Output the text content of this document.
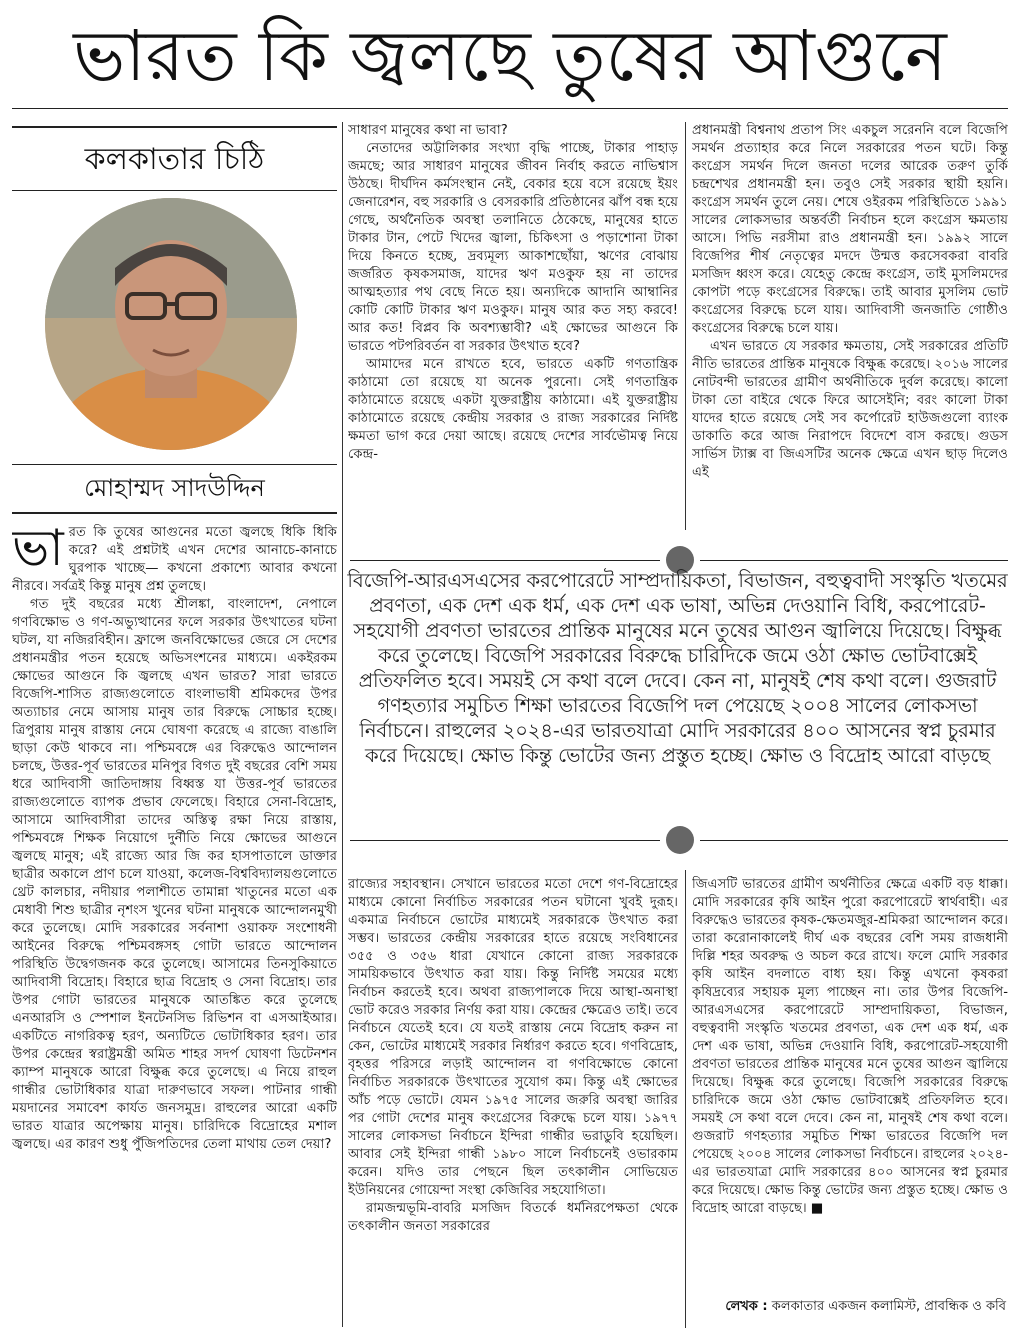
ভারত কি জ্বলছে তুষের আগুনে
কলকাতার চিঠি
মোহাম্মদ সাদউদ্দিন
ভা রত কি তুষের আগুনের মতো জ্বলছে ধিকি ধিকি করে? এই প্রশ্নটাই এখন দেশের আনাচে-কানাচে ঘুরপাক খাচ্ছে— কখনো প্রকাশ্যে আবার কখনো নীরবে। সর্বত্রই কিন্তু মানুষ প্রশ্ন তুলছে।

গত দুই বছরের মধ্যে শ্রীলঙ্কা, বাংলাদেশ, নেপালে গণবিক্ষোভ ও গণ-অভ্যুত্থানের ফলে সরকার উৎখাতের ঘটনা ঘটল, যা নজিরবিহীন। ফ্রান্সে জনবিক্ষোভের জেরে সে দেশের প্রধানমন্ত্রীর পতন হয়েছে অভিসংশনের মাধ্যমে। একইরকম ক্ষোভের আগুনে কি জ্বলছে এখন ভারত? সারা ভারতে বিজেপি-শাসিত রাজ্যগুলোতে বাংলাভাষী শ্রমিকদের উপর অত্যাচার নেমে আসায় মানুষ তার বিরুদ্ধে সোচ্চার হচ্ছে। ত্রিপুরায় মানুষ রাস্তায় নেমে ঘোষণা করেছে এ রাজ্যে বাঙালি ছাড়া কেউ থাকবে না। পশ্চিমবঙ্গে এর বিরুদ্ধেও আন্দোলন চলছে, উত্তর-পূর্ব ভারতের মনিপুর বিগত দুই বছরের বেশি সময় ধরে আদিবাসী জাতিদাঙ্গায় বিধ্বস্ত যা উত্তর-পূর্ব ভারতের রাজ্যগুলোতে ব্যাপক প্রভাব ফেলেছে। বিহারে সেনা-বিদ্রোহ, আসামে আদিবাসীরা তাদের অস্তিত্ব রক্ষা নিয়ে রাস্তায়, পশ্চিমবঙ্গে শিক্ষক নিয়োগে দুর্নীতি নিয়ে ক্ষোভের আগুনে জ্বলছে মানুষ; এই রাজ্যে আর জি কর হাসপাতালে ডাক্তার ছাত্রীর অকালে প্রাণ চলে যাওয়া, কলেজ-বিশ্ববিদ্যালয়গুলোতে থ্রেট কালচার, নদীয়ার পলাশীতে তামান্না খাতুনের মতো এক মেধাবী শিশু ছাত্রীর নৃশংস খুনের ঘটনা মানুষকে আন্দোলনমুখী করে তুলেছে। মোদি সরকারের সর্বনাশা ওয়াকফ সংশোধনী আইনের বিরুদ্ধে পশ্চিমবঙ্গসহ গোটা ভারতে আন্দোলন পরিস্থিতি উদ্বেগজনক করে তুলেছে। আসামের তিনসুকিয়াতে আদিবাসী বিদ্রোহ। বিহারে ছাত্র বিদ্রোহ ও সেনা বিদ্রোহ। তার উপর গোটা ভারতের মানুষকে আতঙ্কিত করে তুলেছে এনআরসি ও স্পেশাল ইনটেনসিভ রিভিশন বা এসআইআর। একটিতে নাগরিকত্ব হরণ, অন্যটিতে ভোটাধিকার হরণ। তার উপর কেন্দ্রের স্বরাষ্ট্রমন্ত্রী অমিত শাহর সদর্প ঘোষণা ডিটেনশন ক্যাম্প মানুষকে আরো বিক্ষুব্ধ করে তুলেছে। এ নিয়ে রাহুল গান্ধীর ভোটাধিকার যাত্রা দারুণভাবে সফল। পাটনার গান্ধী ময়দানের সমাবেশ কার্যত জনসমুদ্র। রাহুলের আরো একটি ভারত যাত্রার অপেক্ষায় মানুষ। চারিদিকে বিদ্রোহের মশাল জ্বলছে। এর কারণ শুধু পুঁজিপতিদের তেলা মাথায় তেল দেয়া?

সাধারণ মানুষের কথা না ভাবা?

নেতাদের অট্টালিকার সংখ্যা বৃদ্ধি পাচ্ছে, টাকার পাহাড় জমছে; আর সাধারণ মানুষের জীবন নির্বাহ করতে নাভিশ্বাস উঠছে। দীর্ঘদিন কর্মসংস্থান নেই, বেকার হয়ে বসে রয়েছে ইয়ং জেনারেশন, বহু সরকারি ও বেসরকারি প্রতিষ্ঠানের ঝাঁপ বন্ধ হয়ে গেছে, অর্থনৈতিক অবস্থা তলানিতে ঠেকেছে, মানুষের হাতে টাকার টান, পেটে খিদের জ্বালা, চিকিৎসা ও পড়াশোনা টাকা দিয়ে কিনতে হচ্ছে, দ্রব্যমূল্য আকাশছোঁয়া, ঋণের বোঝায় জর্জরিত কৃষকসমাজ, যাদের ঋণ মওকুফ হয় না তাদের আত্মহত্যার পথ বেছে নিতে হয়। অন্যদিকে আদানি আম্বানির কোটি কোটি টাকার ঋণ মওকুফ। মানুষ আর কত সহ্য করবে! আর কত! বিপ্লব কি অবশ্যম্ভাবী? এই ক্ষোভের আগুনে কি ভারতে পটপরিবর্তন বা সরকার উৎখাত হবে?

আমাদের মনে রাখতে হবে, ভারতে একটি গণতান্ত্রিক কাঠামো তো রয়েছে যা অনেক পুরনো। সেই গণতান্ত্রিক কাঠামোতে রয়েছে একটা যুক্তরাষ্ট্রীয় কাঠামো। এই যুক্তরাষ্ট্রীয় কাঠামোতে রয়েছে কেন্দ্রীয় সরকার ও রাজ্য সরকারের নির্দিষ্ট ক্ষমতা ভাগ করে দেয়া আছে। রয়েছে দেশের সার্বভৌমত্ব নিয়ে কেন্দ্র-

প্রধানমন্ত্রী বিশ্বনাথ প্রতাপ সিং একচুল সরেননি বলে বিজেপি সমর্থন প্রত্যাহার করে নিলে সরকারের পতন ঘটে। কিন্তু কংগ্রেস সমর্থন দিলে জনতা দলের আরেক তরুণ তুর্কি চন্দ্রশেখর প্রধানমন্ত্রী হন। তবুও সেই সরকার স্থায়ী হয়নি। কংগ্রেস সমর্থন তুলে নেয়। শেষে ওইরকম পরিস্থিতিতে ১৯৯১ সালের লোকসভার অন্তর্বর্তী নির্বাচন হলে কংগ্রেস ক্ষমতায় আসে। পিভি নরসীমা রাও প্রধানমন্ত্রী হন। ১৯৯২ সালে বিজেপির শীর্ষ নেতৃত্বের মদদে উন্মত্ত করসেবকরা বাবরি মসজিদ ধ্বংস করে। যেহেতু কেন্দ্রে কংগ্রেস, তাই মুসলিমদের কোপটা পড়ে কংগ্রেসের বিরুদ্ধে। তাই আবার মুসলিম ভোট কংগ্রেসের বিরুদ্ধে চলে যায়। আদিবাসী জনজাতি গোষ্ঠীও কংগ্রেসের বিরুদ্ধে চলে যায়।

এখন ভারতে যে সরকার ক্ষমতায়, সেই সরকারের প্রতিটি নীতি ভারতের প্রান্তিক মানুষকে বিক্ষুব্ধ করেছে। ২০১৬ সালের নোটবন্দী ভারতের গ্রামীণ অর্থনীতিকে দুর্বল করেছে। কালো টাকা তো বাইরে থেকে ফিরে আসেইনি; বরং কালো টাকা যাদের হাতে রয়েছে সেই সব কর্পোরেট হাউজগুলো ব্যাংক ডাকাতি করে আজ নিরাপদে বিদেশে বাস করছে। গুডস সার্ভিস ট্যাক্স বা জিএসটির অনেক ক্ষেত্রে এখন ছাড় দিলেও এই

বিজেপি-আরএসএসের করপোরেটে সাম্প্রদায়িকতা, বিভাজন, বহুত্ববাদী সংস্কৃতি খতমের প্রবণতা, এক দেশ এক ধর্ম, এক দেশ এক ভাষা, অভিন্ন দেওয়ানি বিধি, করপোরেট-সহযোগী প্রবণতা ভারতের প্রান্তিক মানুষের মনে তুষের আগুন জ্বালিয়ে দিয়েছে। বিক্ষুব্ধ করে তুলেছে। বিজেপি সরকারের বিরুদ্ধে চারিদিকে জমে ওঠা ক্ষোভ ভোটবাক্সেই প্রতিফলিত হবে। সময়ই সে কথা বলে দেবে। কেন না, মানুষই শেষ কথা বলে। গুজরাট গণহত্যার সমুচিত শিক্ষা ভারতের বিজেপি দল পেয়েছে ২০০৪ সালের লোকসভা নির্বাচনে। রাহুলের ২০২৪-এর ভারতযাত্রা মোদি সরকারের ৪০০ আসনের স্বপ্ন চুরমার করে দিয়েছে। ক্ষোভ কিন্তু ভোটের জন্য প্রস্তুত হচ্ছে। ক্ষোভ ও বিদ্রোহ আরো বাড়ছে

রাজ্যের সহাবস্থান। সেখানে ভারতের মতো দেশে গণ-বিদ্রোহের মাধ্যমে কোনো নির্বাচিত সরকারের পতন ঘটানো খুবই দুরূহ। একমাত্র নির্বাচনে ভোটের মাধ্যমেই সরকারকে উৎখাত করা সম্ভব। ভারতের কেন্দ্রীয় সরকারের হাতে রয়েছে সংবিধানের ৩৫৫ ও ৩৫৬ ধারা যেখানে কোনো রাজ্য সরকারকে সাময়িকভাবে উৎখাত করা যায়। কিন্তু নির্দিষ্ট সময়ের মধ্যে নির্বাচন করতেই হবে। অথবা রাজ্যপালকে দিয়ে আস্থা-অনাস্থা ভোট করেও সরকার নির্ণয় করা যায়। কেন্দ্রের ক্ষেত্রেও তাই। তবে নির্বাচনে যেতেই হবে। যে যতই রাস্তায় নেমে বিদ্রোহ করুন না কেন, ভোটের মাধ্যমেই সরকার নির্ধারণ করতে হবে। গণবিদ্রোহ, বৃহত্তর পরিসরে লড়াই আন্দোলন বা গণবিক্ষোভে কোনো নির্বাচিত সরকারকে উৎখাতের সুযোগ কম। কিন্তু এই ক্ষোভের আঁচ পড়ে ভোটে। যেমন ১৯৭৫ সালের জরুরি অবস্থা জারির পর গোটা দেশের মানুষ কংগ্রেসের বিরুদ্ধে চলে যায়। ১৯৭৭ সালের লোকসভা নির্বাচনে ইন্দিরা গান্ধীর ভরাডুবি হয়েছিল। আবার সেই ইন্দিরা গান্ধী ১৯৮০ সালে নির্বাচনেই ওভারকাম করেন। যদিও তার পেছনে ছিল তৎকালীন সোভিয়েত ইউনিয়নের গোয়েন্দা সংস্থা কেজিবির সহযোগিতা।

রামজন্মভূমি-বাবরি মসজিদ বিতর্কে ধর্মনিরপেক্ষতা থেকে তৎকালীন জনতা সরকারের

জিএসটি ভারতের গ্রামীণ অর্থনীতির ক্ষেত্রে একটি বড় ধাক্কা। মোদি সরকারের কৃষি আইন পুরো করপোরেটে স্বার্থবাহী। এর বিরুদ্ধেও ভারতের কৃষক-ক্ষেতমজুর-শ্রমিকরা আন্দোলন করে। তারা করোনাকালেই দীর্ঘ এক বছরের বেশি সময় রাজধানী দিল্লি শহর অবরুদ্ধ ও অচল করে রাখে। ফলে মোদি সরকার কৃষি আইন বদলাতে বাধ্য হয়। কিন্তু এখনো কৃষকরা কৃষিদ্রব্যের সহায়ক মূল্য পাচ্ছেন না। তার উপর বিজেপি-আরএসএসের করপোরেটে সাম্প্রদায়িকতা, বিভাজন, বহুত্ববাদী সংস্কৃতি খতমের প্রবণতা, এক দেশ এক ধর্ম, এক দেশ এক ভাষা, অভিন্ন দেওয়ানি বিধি, করপোরেট-সহযোগী প্রবণতা ভারতের প্রান্তিক মানুষের মনে তুষের আগুন জ্বালিয়ে দিয়েছে। বিক্ষুব্ধ করে তুলেছে। বিজেপি সরকারের বিরুদ্ধে চারিদিকে জমে ওঠা ক্ষোভ ভোটবাক্সেই প্রতিফলিত হবে। সময়ই সে কথা বলে দেবে। কেন না, মানুষই শেষ কথা বলে। গুজরাট গণহত্যার সমুচিত শিক্ষা ভারতের বিজেপি দল পেয়েছে ২০০৪ সালের লোকসভা নির্বাচনে। রাহুলের ২০২৪-এর ভারতযাত্রা মোদি সরকারের ৪০০ আসনের স্বপ্ন চুরমার করে দিয়েছে। ক্ষোভ কিন্তু ভোটের জন্য প্রস্তুত হচ্ছে। ক্ষোভ ও বিদ্রোহ আরো বাড়ছে। ■

লেখক : কলকাতার একজন কলামিস্ট, প্রাবন্ধিক ও কবি
